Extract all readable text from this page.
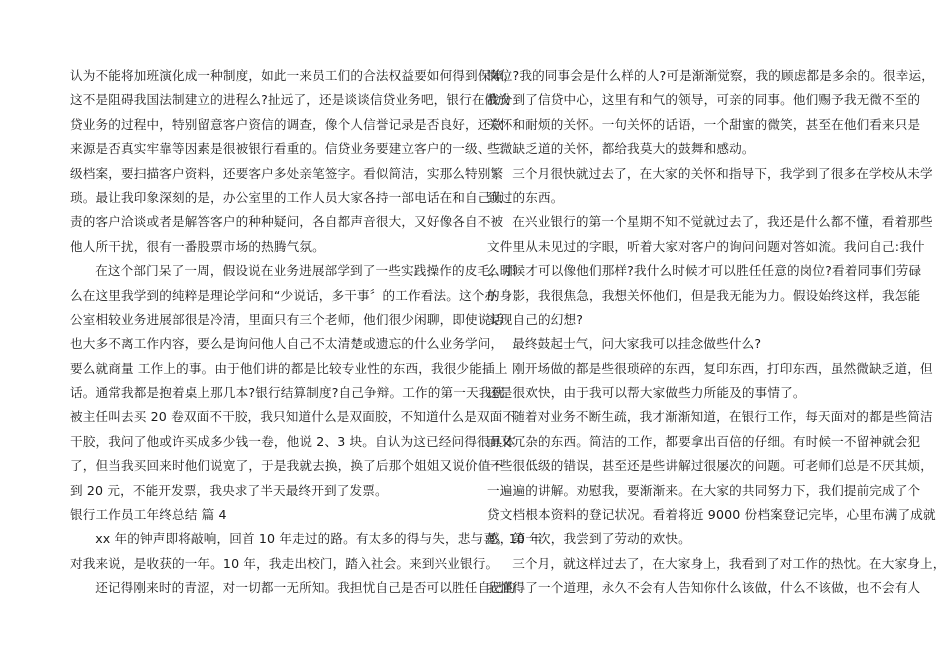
认为不能将加班演化成一种制度，如此一来员工们的合法权益要如何得到保障，
这不是阻碍我国法制建立的进程么?扯远了，还是谈谈信贷业务吧，银行在做放
贷业务的过程中，特别留意客户资信的调查，像个人信誉记录是否良好，还款
来源是否真实牢靠等因素是很被银行看重的。信贷业务要建立客户的一级、二
级档案，要扫描客户资料，还要客户多处亲笔签字。看似简洁，实那么特别繁
琐。最让我印象深刻的是，办公室里的工作人员大家各持一部电话在和自己负
责的客户洽谈或者是解答客户的种种疑问，各自都声音很大，又好像各自不被
他人所干扰，很有一番股票市场的热腾气氛。
在这个部门呆了一周，假设说在业务进展部学到了一些实践操作的皮毛，那
么在这里我学到的纯粹是理论学问和“少说话，多干事〞的工作看法。这个办
公室相较业务进展部很是冷清，里面只有三个老师，他们很少闲聊，即使说话
也大多不离工作内容，要么是询问他人自己不太清楚或遗忘的什么业务学问，
要么就商量 工作上的事。由于他们讲的都是比较专业性的东西，我很少能插上
话。通常我都是抱着桌上那几本?银行结算制度?自己争辩。工作的第一天我就
被主任叫去买 20 卷双面不干胶，我只知道什么是双面胶，不知道什么是双面不
干胶，我问了他或许买成多少钱一卷，他说 2、3 块。自认为这已经问得很具体
了，但当我买回来时他们说宽了，于是我就去换，换了后那个姐姐又说价值不
到 20 元，不能开发票，我央求了半天最终开到了发票。
银行工作员工年终总结 篇 4
xx 年的钟声即将敲响，回首 10 年走过的路。有太多的得与失，悲与喜。10 年
对我来说，是收获的一年。10 年，我走出校门，踏入社会。来到兴业银行。
还记得刚来时的青涩，对一切都一无所知。我担忧自己是否可以胜任自己的
岗位?我的同事会是什么样的人?可是渐渐觉察，我的顾虑都是多余的。很幸运，
我分到了信贷中心，这里有和气的领导，可亲的同事。他们赐予我无微不至的
关怀和耐烦的关怀。一句关怀的话语，一个甜蜜的微笑，甚至在他们看来只是
些微缺乏道的关怀，都给我莫大的鼓舞和感动。
三个月很快就过去了，在大家的关怀和指导下，我学到了很多在学校从未学
到过的东西。
在兴业银行的第一个星期不知不觉就过去了，我还是什么都不懂，看着那些
文件里从未见过的字眼，听着大家对客户的询问问题对答如流。我问自己:我什
么时候才可以像他们那样?我什么时候才可以胜任任意的岗位?看着同事们劳碌
的身影，我很焦急，我想关怀他们，但是我无能为力。假设始终这样，我怎能
实现自己的幻想?
最终鼓起士气，问大家我可以挂念做些什么?
刚开场做的都是些很琐碎的东西，复印东西，打印东西，虽然微缺乏道，但
还是很欢快，由于我可以帮大家做些力所能及的事情了。
随着对业务不断生疏，我才渐渐知道，在银行工作，每天面对的都是些简洁
而又冗杂的东西。简洁的工作，都要拿出百倍的仔细。有时候一不留神就会犯
一些很低级的错误，甚至还是些讲解过很屡次的问题。可老师们总是不厌其烦，
一遍遍的讲解。劝慰我，要渐渐来。在大家的共同努力下，我们提前完成了个
贷文档根本资料的登记状况。看着将近 9000 份档案登记完毕，心里布满了成就
感，第一次，我尝到了劳动的欢快。
三个月，就这样过去了，在大家身上，我看到了对工作的热忱。在大家身上，
我懂得了一个道理，永久不会有人告知你什么该做，什么不该做，也不会有人
